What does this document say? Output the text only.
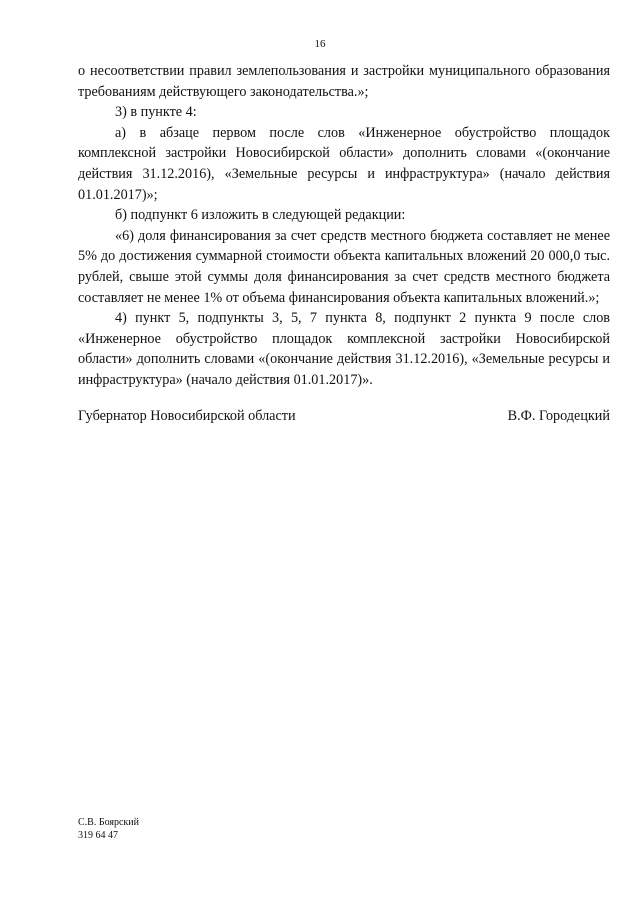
16

о несоответствии правил землепользования и застройки муниципального образования требованиям действующего законодательства.»;

3) в пункте 4:

а) в абзаце первом после слов «Инженерное обустройство площадок комплексной застройки Новосибирской области» дополнить словами «(окончание действия 31.12.2016), «Земельные ресурсы и инфраструктура» (начало действия 01.01.2017)»;

б) подпункт 6 изложить в следующей редакции:

«6) доля финансирования за счет средств местного бюджета составляет не менее 5% до достижения суммарной стоимости объекта капитальных вложений 20 000,0 тыс. рублей, свыше этой суммы доля финансирования за счет средств местного бюджета составляет не менее 1% от объема финансирования объекта капитальных вложений.»;

4) пункт 5, подпункты 3, 5, 7 пункта 8, подпункт 2 пункта 9 после слов «Инженерное обустройство площадок комплексной застройки Новосибирской области» дополнить словами «(окончание действия 31.12.2016), «Земельные ресурсы и инфраструктура» (начало действия 01.01.2017)».

Губернатор Новосибирской области	В.Ф. Городецкий
С.В. Боярский
319 64 47
